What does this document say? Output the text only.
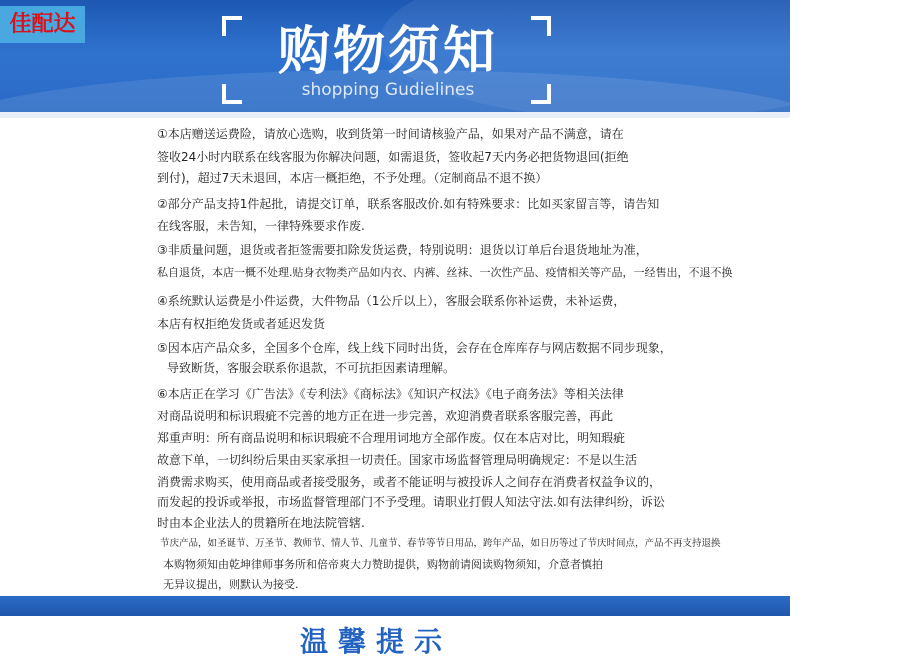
购物须知
shopping Gudielines
佳配达
①本店赠送运费险，请放心选购，收到货第一时间请核验产品，如果对产品不满意，请在
签收24小时内联系在线客服为你解决问题，如需退货，签收起7天内务必把货物退回(拒绝
到付)，超过7天未退回，本店一概拒绝，不予处理。（定制商品不退不换）
②部分产品支持1件起批，请提交订单，联系客服改价.如有特殊要求：比如买家留言等，请告知
在线客服，未告知，一律特殊要求作废.
③非质量问题，退货或者拒签需要扣除发货运费，特别说明：退货以订单后台退货地址为准，
私自退货，本店一概不处理.贴身衣物类产品如内衣、内裤、丝袜、一次性产品、疫情相关等产品，一经售出，不退不换
④系统默认运费是小件运费，大件物品（1公斤以上），客服会联系你补运费，未补运费，
本店有权拒绝发货或者延迟发货
⑤因本店产品众多，全国多个仓库，线上线下同时出货，会存在仓库库存与网店数据不同步现象，
导致断货，客服会联系你退款，不可抗拒因素请理解。
⑥本店正在学习《广告法》《专利法》《商标法》《知识产权法》《电子商务法》等相关法律
对商品说明和标识瑕疵不完善的地方正在进一步完善，欢迎消费者联系客服完善，再此
郑重声明：所有商品说明和标识瑕疵不合理用词地方全部作废。仅在本店对比，明知瑕疵
故意下单，一切纠纷后果由买家承担一切责任。国家市场监督管理局明确规定：不是以生活
消费需求购买，使用商品或者接受服务，或者不能证明与被投诉人之间存在消费者权益争议的，
而发起的投诉或举报，市场监督管理部门不予受理。请职业打假人知法守法.如有法律纠纷，诉讼
时由本企业法人的贯籍所在地法院管辖.
节庆产品，如圣诞节、万圣节、教师节、情人节、儿童节、春节等节日用品，跨年产品，如日历等过了节庆时间点，产品不再支持退换
本购物须知由乾坤律师事务所和倍帝爽大力赞助提供，购物前请阅读购物须知，介意者慎拍
无异议提出，则默认为接受.
温馨提示
